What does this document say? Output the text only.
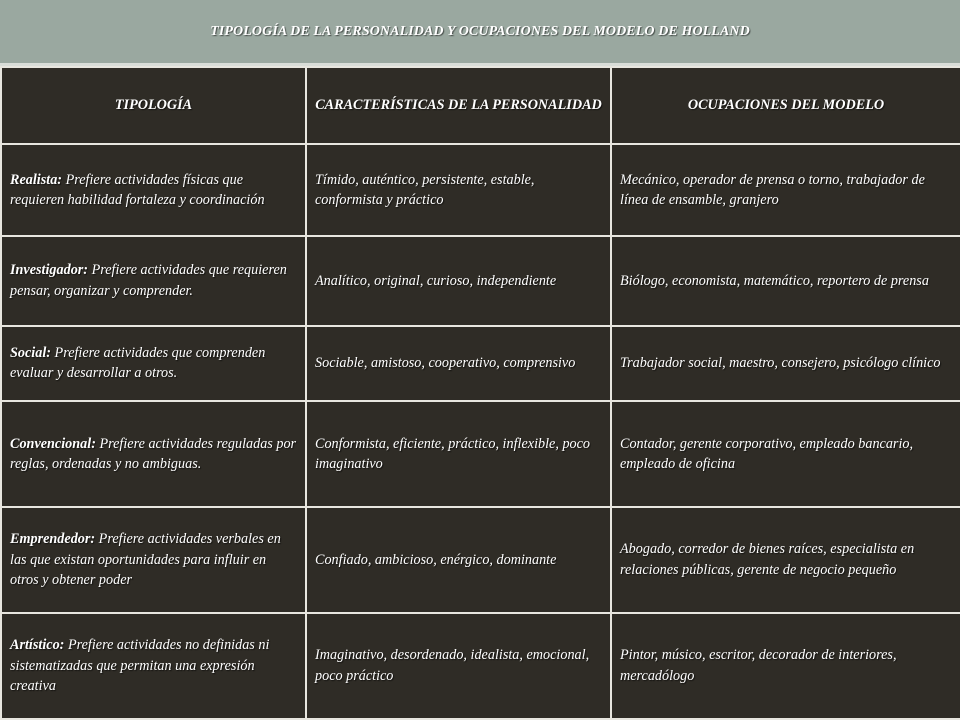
TIPOLOGÍA DE LA PERSONALIDAD Y OCUPACIONES DEL MODELO DE HOLLAND
TIPOLOGÍA	CARACTERÍSTICAS DE LA PERSONALIDAD	OCUPACIONES DEL MODELO
Realista: Prefiere actividades físicas que requieren habilidad fortaleza y coordinación	Tímido, auténtico, persistente, estable, conformista y práctico	Mecánico, operador de prensa o torno, trabajador de línea de ensamble, granjero
Investigador: Prefiere actividades que requieren pensar, organizar y comprender.	Analítico, original, curioso, independiente	Biólogo, economista, matemático, reportero de prensa
Social: Prefiere actividades que comprenden evaluar y desarrollar a otros.	Sociable, amistoso, cooperativo, comprensivo	Trabajador social, maestro, consejero, psicólogo clínico
Convencional: Prefiere actividades reguladas por reglas, ordenadas y no ambiguas.	Conformista, eficiente, práctico, inflexible, poco imaginativo	Contador, gerente corporativo, empleado bancario, empleado de oficina
Emprendedor: Prefiere actividades verbales en las que existan oportunidades para influir en otros y obtener poder	Confiado, ambicioso, enérgico, dominante	Abogado, corredor de bienes raíces, especialista en relaciones públicas, gerente de negocio pequeño
Artístico: Prefiere actividades no definidas ni sistematizadas que permitan una expresión creativa	Imaginativo, desordenado, idealista, emocional, poco práctico	Pintor, músico, escritor, decorador de interiores, mercadólogo
